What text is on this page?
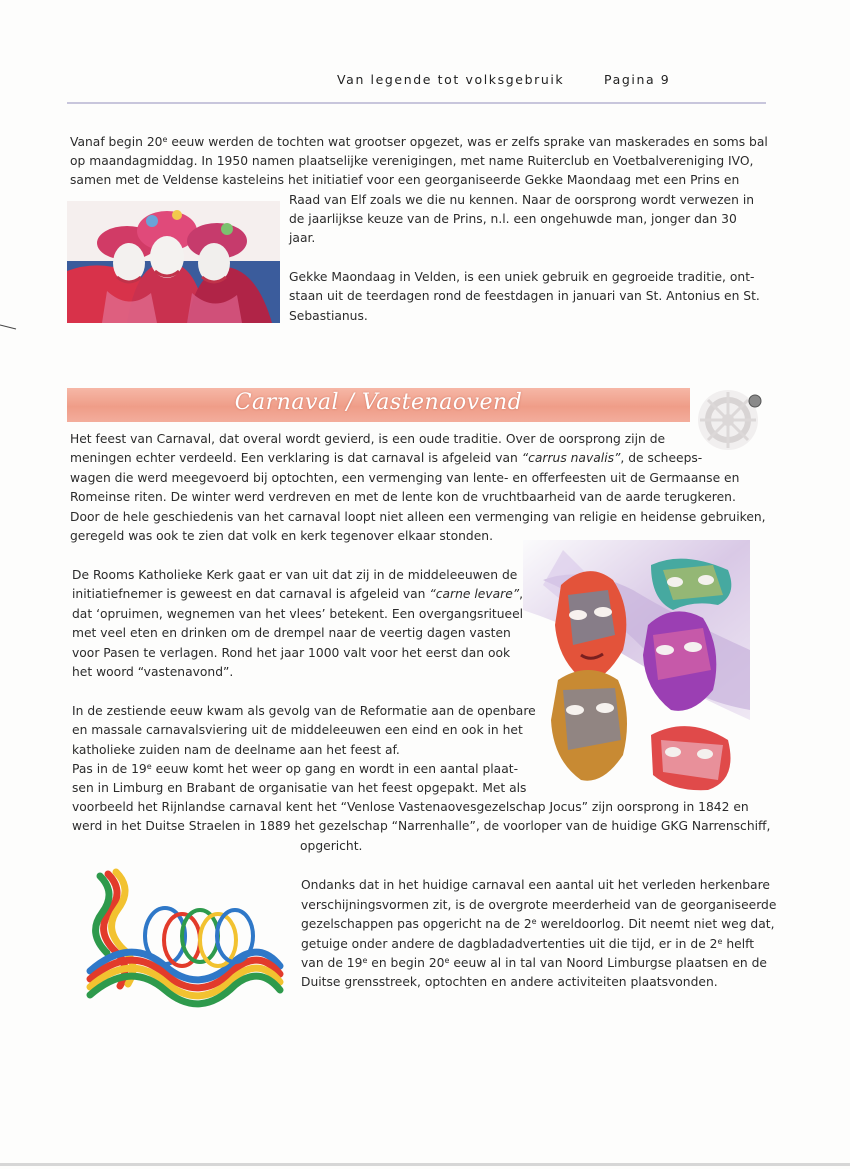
Van legende tot volksgebruik	Pagina 9
Vanaf begin 20e eeuw werden de tochten wat grootser opgezet, was er zelfs sprake van maskerades en soms bal
op maandagmiddag. In 1950 namen plaatselijke verenigingen, met name Ruiterclub en Voetbalvereniging IVO,
samen met de Veldense kasteleins het initiatief voor een georganiseerde Gekke Maondaag met een Prins en
Raad van Elf zoals we die nu kennen. Naar de oorsprong wordt verwezen in
de jaarlijkse keuze van de Prins, n.l. een ongehuwde man, jonger dan 30
jaar.
Gekke Maondaag in Velden, is een uniek gebruik en gegroeide traditie, ont-
staan uit de teerdagen rond de feestdagen in januari van St. Antonius en St.
Sebastianus.
Carnaval / Vastenaovend
Het feest van Carnaval, dat overal wordt gevierd, is een oude traditie. Over de oorsprong zijn de
meningen echter verdeeld. Een verklaring is dat carnaval is afgeleid van “carrus navalis”, de scheeps-
wagen die werd meegevoerd bij optochten, een vermenging van lente- en offerfeesten uit de Germaanse en
Romeinse riten. De winter werd verdreven en met de lente kon de vruchtbaarheid van de aarde terugkeren.
Door de hele geschiedenis van het carnaval loopt niet alleen een vermenging van religie en heidense gebruiken,
geregeld was ook te zien dat volk en kerk tegenover elkaar stonden.
De Rooms Katholieke Kerk gaat er van uit dat zij in de middeleeuwen de
initiatiefnemer is geweest en dat carnaval is afgeleid van “carne levare”,
dat ‘opruimen, wegnemen van het vlees’ betekent. Een overgangsritueel
met veel eten en drinken om de drempel naar de veertig dagen vasten
voor Pasen te verlagen. Rond het jaar 1000 valt voor het eerst dan ook
het woord “vastenavond”.
In de zestiende eeuw kwam als gevolg van de Reformatie aan de openbare
en massale carnavalsviering uit de middeleeuwen een eind en ook in het
katholieke zuiden nam de deelname aan het feest af.
Pas in de 19e eeuw komt het weer op gang en wordt in een aantal plaat-
sen in Limburg en Brabant de organisatie van het feest opgepakt. Met als
voorbeeld het Rijnlandse carnaval kent het “Venlose Vastenaovesgezelschap Jocus” zijn oorsprong in 1842 en
werd in het Duitse Straelen in 1889 het gezelschap “Narrenhalle”, de voorloper van de huidige GKG Narrenschiff,
opgericht.
Ondanks dat in het huidige carnaval een aantal uit het verleden herkenbare
verschijningsvormen zit, is de overgrote meerderheid van de georganiseerde
gezelschappen pas opgericht na de 2e wereldoorlog. Dit neemt niet weg dat,
getuige onder andere de dagbladadvertenties uit die tijd, er in de 2e helft
van de 19e en begin 20e eeuw al in tal van Noord Limburgse plaatsen en de
Duitse grensstreek, optochten en andere activiteiten plaatsvonden.
